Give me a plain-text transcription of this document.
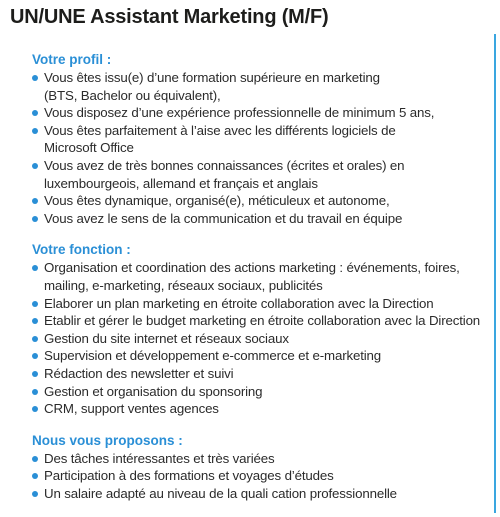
UN/UNE Assistant Marketing (M/F)
Votre profil :
Vous êtes issu(e) d’une formation supérieure en marketing
(BTS, Bachelor ou équivalent),
Vous disposez d’une expérience professionnelle de minimum 5 ans,
Vous êtes parfaitement à l’aise avec les différents logiciels de
Microsoft Office
Vous avez de très bonnes connaissances (écrites et orales) en
luxembourgeois, allemand et français et anglais
Vous êtes dynamique, organisé(e), méticuleux et autonome,
Vous avez le sens de la communication et du travail en équipe
Votre fonction :
Organisation et coordination des actions marketing : événements, foires,
mailing, e-marketing, réseaux sociaux, publicités
Elaborer un plan marketing en étroite collaboration avec la Direction
Etablir et gérer le budget marketing en étroite collaboration avec la Direction
Gestion du site internet et réseaux sociaux
Supervision et développement e-commerce et e-marketing
Rédaction des newsletter et suivi
Gestion et organisation du sponsoring
CRM, support ventes agences
Nous vous proposons :
Des tâches intéressantes et très variées
Participation à des formations et voyages d’études
Un salaire adapté au niveau de la quali cation professionnelle
